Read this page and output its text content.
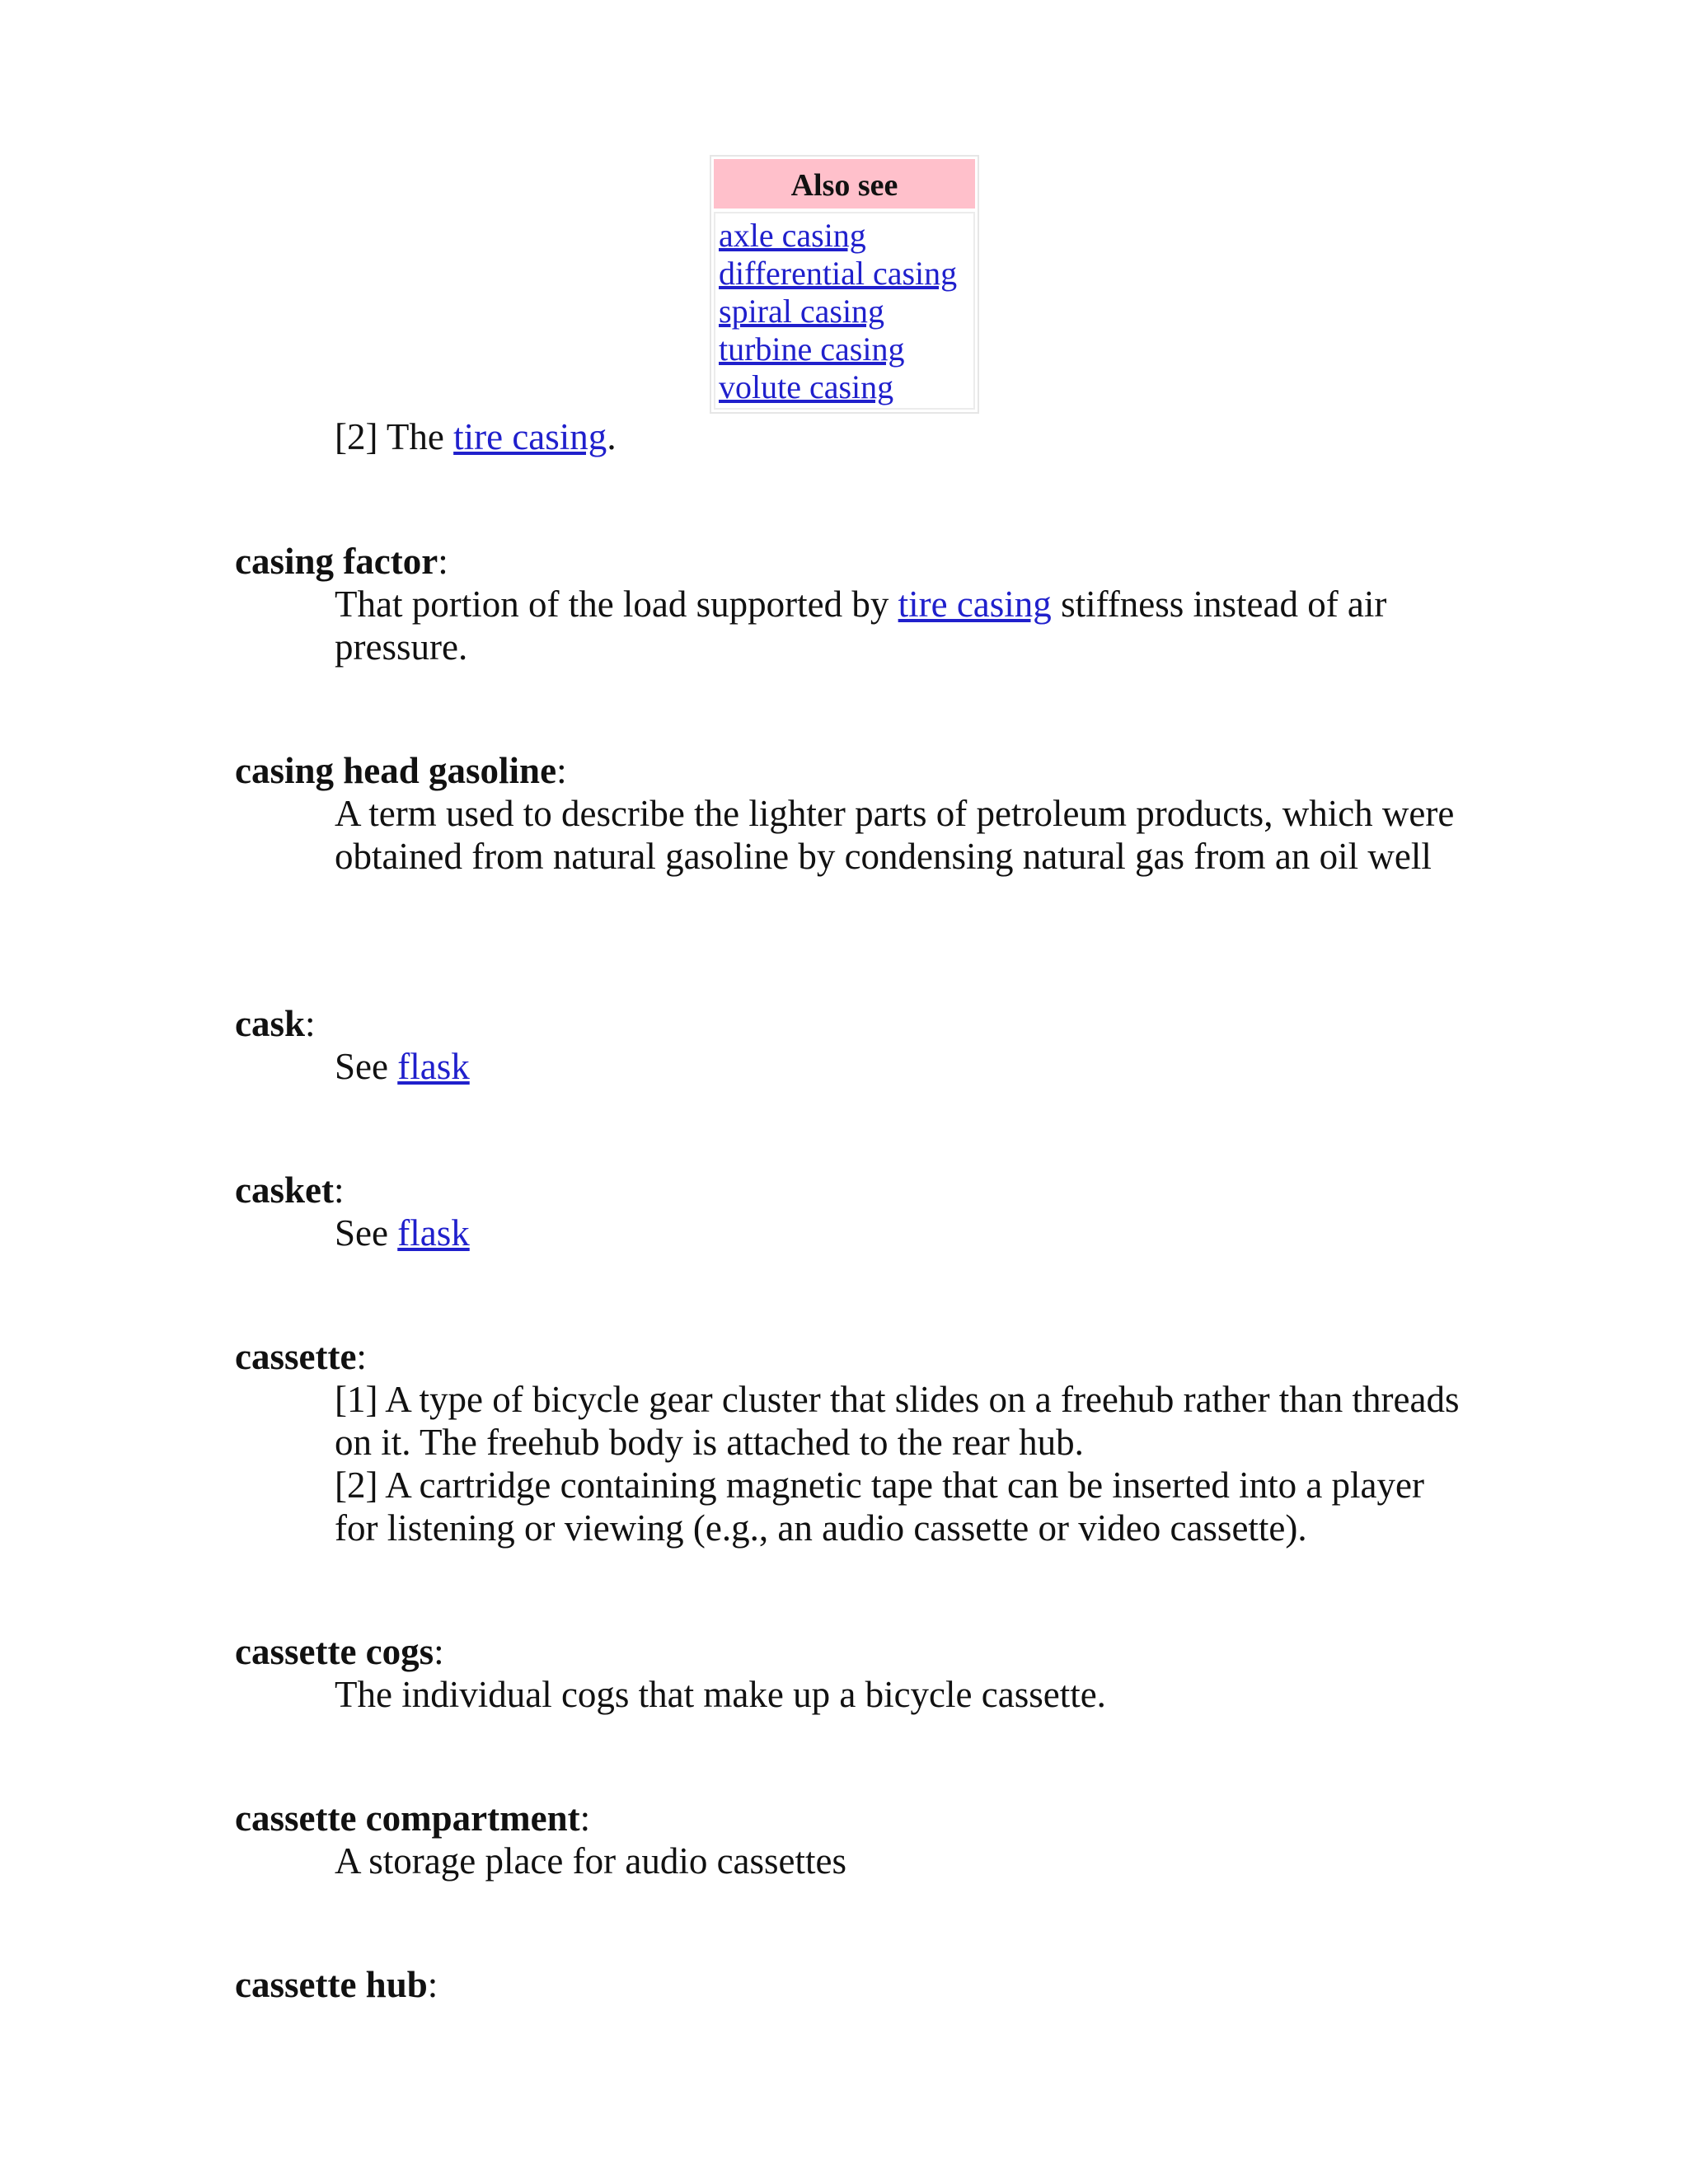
Also see
axle casing
differential casing
spiral casing
turbine casing
volute casing
[2] The tire casing.
casing factor:
That portion of the load supported by tire casing stiffness instead of air pressure.
casing head gasoline:
A term used to describe the lighter parts of petroleum products, which were obtained from natural gasoline by condensing natural gas from an oil well
cask:
See flask
casket:
See flask
cassette:

[1] A type of bicycle gear cluster that slides on a freehub rather than threads on it. The freehub body is attached to the rear hub.

[2] A cartridge containing magnetic tape that can be inserted into a player for listening or viewing (e.g., an audio cassette or video cassette).

cassette cogs:
The individual cogs that make up a bicycle cassette.
cassette compartment:
A storage place for audio cassettes
cassette hub:
